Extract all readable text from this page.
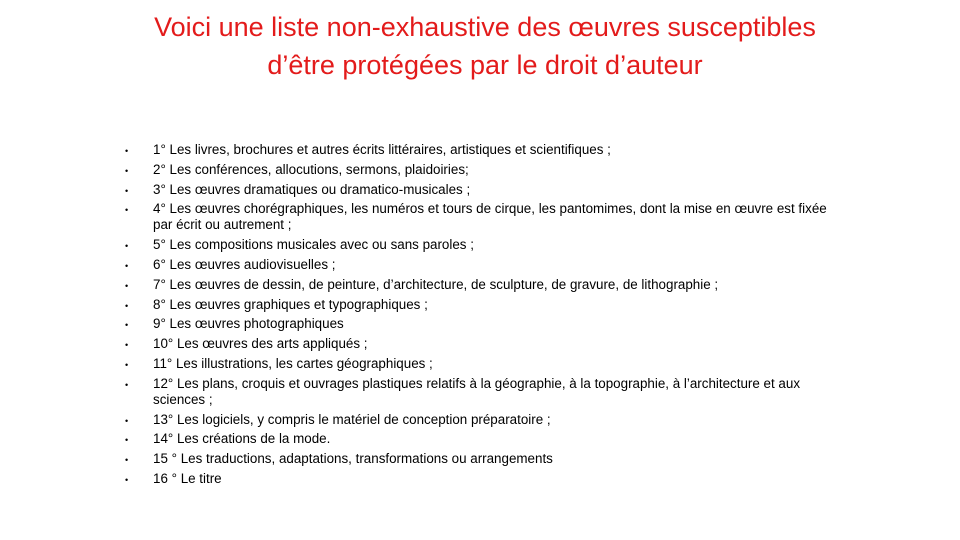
Voici une liste non-exhaustive des œuvres susceptibles d’être protégées par le droit d’auteur
• 1° Les livres, brochures et autres écrits littéraires, artistiques et scientifiques ;
• 2° Les conférences, allocutions, sermons, plaidoiries;
• 3° Les œuvres dramatiques ou dramatico-musicales ;
• 4° Les œuvres chorégraphiques, les numéros et tours de cirque, les pantomimes, dont la mise en œuvre est fixée par écrit ou autrement ;
• 5° Les compositions musicales avec ou sans paroles ;
• 6° Les œuvres audiovisuelles ;
• 7° Les œuvres de dessin, de peinture, d’architecture, de sculpture, de gravure, de lithographie ;
• 8° Les œuvres graphiques et typographiques ;
• 9° Les œuvres photographiques
• 10° Les œuvres des arts appliqués ;
• 11° Les illustrations, les cartes géographiques ;
• 12° Les plans, croquis et ouvrages plastiques relatifs à la géographie, à la topographie, à l’architecture et aux sciences ;
• 13° Les logiciels, y compris le matériel de conception préparatoire ;
• 14° Les créations de la mode.
• 15 ° Les traductions, adaptations, transformations ou arrangements
• 16 ° Le titre
